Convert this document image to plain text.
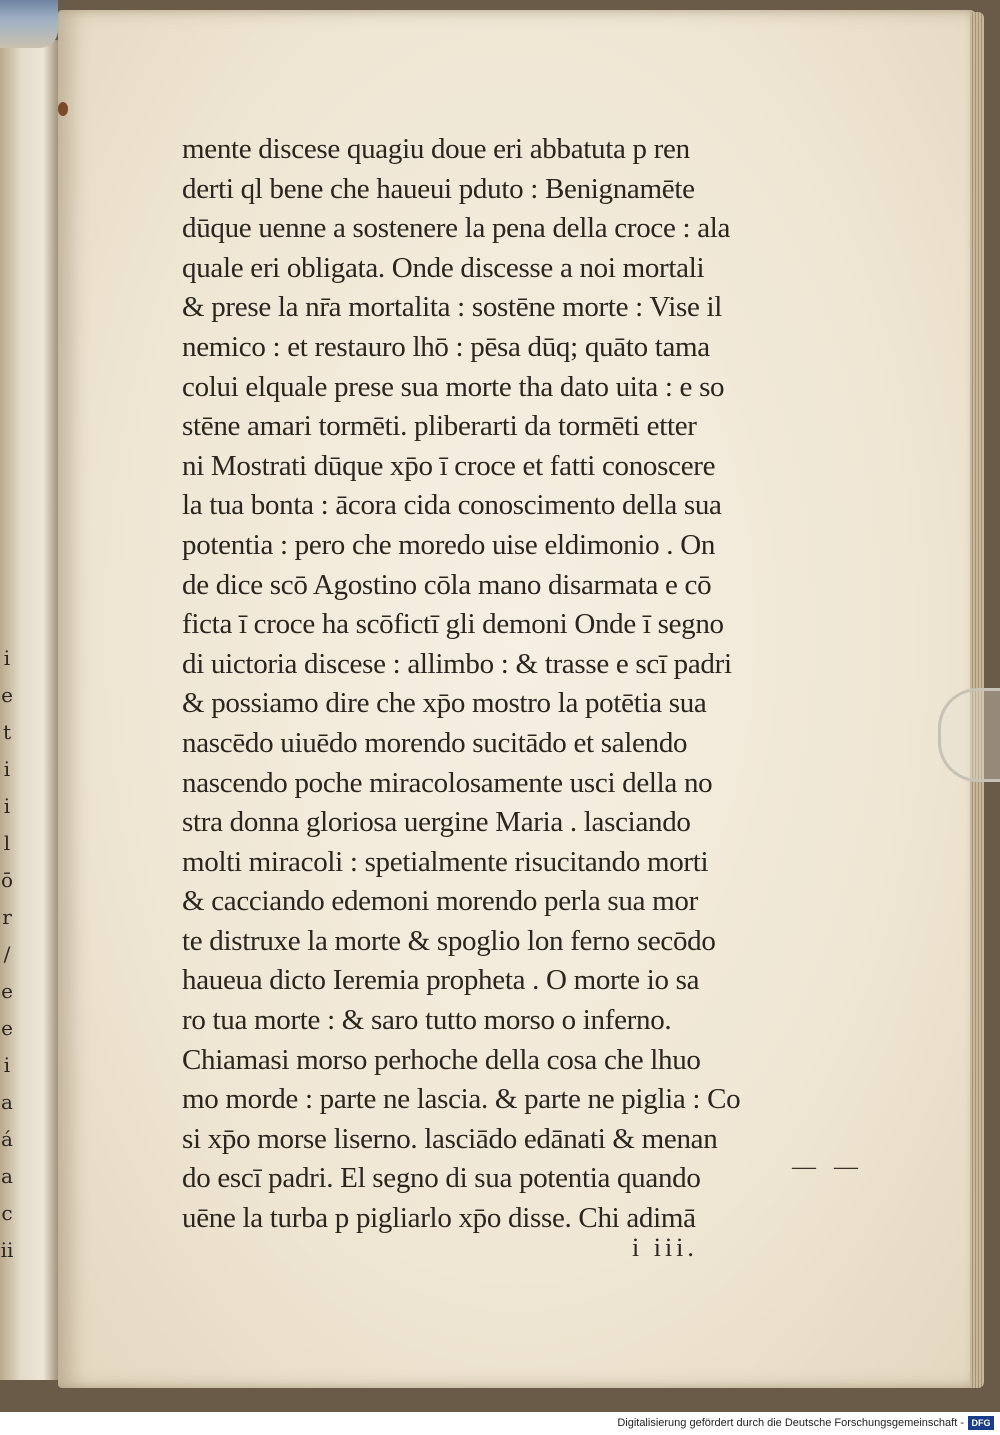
i
e
t
i
i
l
ō
r
/
e
e
i
a
á
a
c
ii
mente discese quagiu doue eri abbatuta p ren
derti ql bene che haueui pduto : Benignamēte
dūque uenne a sostenere la pena della croce : ala
quale eri obligata. Onde discesse a noi mortali
& prese la nr̄a mortalita : sostēne morte : Vise il
nemico : et restauro lhō : pēsa dūq; quāto tama
colui elquale prese sua morte tha dato uita : e so
stēne amari tormēti. pliberarti da tormēti etter
ni Mostrati dūque xp̄o ī croce et fatti conoscere
la tua bonta : ācora cida conoscimento della sua
potentia : pero che moredo uise eldimonio . On
de dice scō Agostino cōla mano disarmata e cō
ficta ī croce ha scōfictī gli demoni Onde ī segno
di uictoria discese : allimbo : & trasse e scī padri
& possiamo dire che xp̄o mostro la potētia sua
nascēdo uiuēdo morendo sucitādo et salendo
nascendo poche miracolosamente usci della no
stra donna gloriosa uergine Maria . lasciando
molti miracoli : spetialmente risucitando morti
& cacciando edemoni morendo perla sua mor
te distruxe la morte & spoglio lon ferno secōdo
haueua dicto Ieremia propheta . O morte io sa
ro tua morte : & saro tutto morso o inferno.
Chiamasi morso perhoche della cosa che lhuo
mo morde : parte ne lascia. & parte ne piglia : Co
si xp̄o morse liserno. lasciādo edānati & menan
do escī padri. El segno di sua potentia quando
uēne la turba p pigliarlo xp̄o disse. Chi adimā
— —
i iii.
Digitalisierung gefördert durch die Deutsche Forschungsgemeinschaft - DFG
